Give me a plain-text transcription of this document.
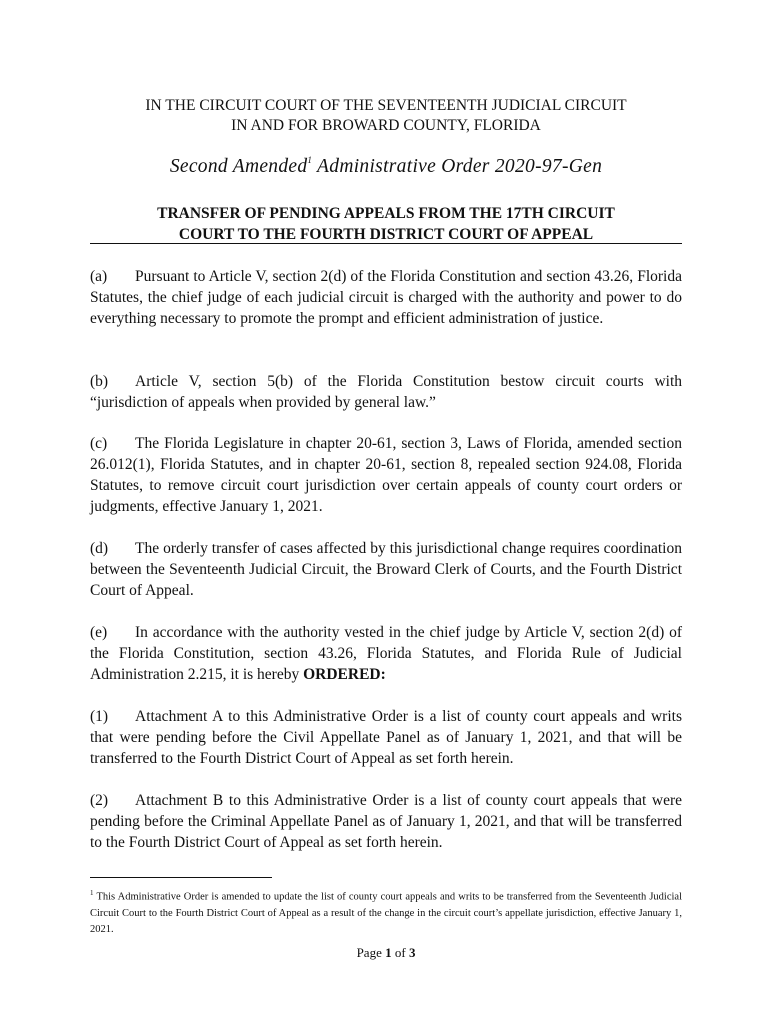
IN THE CIRCUIT COURT OF THE SEVENTEENTH JUDICIAL CIRCUIT
IN AND FOR BROWARD COUNTY, FLORIDA
Second Amended$^1$ Administrative Order 2020-97-Gen
TRANSFER OF PENDING APPEALS FROM THE 17TH CIRCUIT
COURT TO THE FOURTH DISTRICT COURT OF APPEAL
(a) Pursuant to Article V, section 2(d) of the Florida Constitution and section 43.26, Florida Statutes, the chief judge of each judicial circuit is charged with the authority and power to do everything necessary to promote the prompt and efficient administration of justice.
(b) Article V, section 5(b) of the Florida Constitution bestow circuit courts with “jurisdiction of appeals when provided by general law.”
(c) The Florida Legislature in chapter 20-61, section 3, Laws of Florida, amended section 26.012(1), Florida Statutes, and in chapter 20-61, section 8, repealed section 924.08, Florida Statutes, to remove circuit court jurisdiction over certain appeals of county court orders or judgments, effective January 1, 2021.
(d) The orderly transfer of cases affected by this jurisdictional change requires coordination between the Seventeenth Judicial Circuit, the Broward Clerk of Courts, and the Fourth District Court of Appeal.
(e) In accordance with the authority vested in the chief judge by Article V, section 2(d) of the Florida Constitution, section 43.26, Florida Statutes, and Florida Rule of Judicial Administration 2.215, it is hereby ORDERED:
(1) Attachment A to this Administrative Order is a list of county court appeals and writs that were pending before the Civil Appellate Panel as of January 1, 2021, and that will be transferred to the Fourth District Court of Appeal as set forth herein.
(2) Attachment B to this Administrative Order is a list of county court appeals that were pending before the Criminal Appellate Panel as of January 1, 2021, and that will be transferred to the Fourth District Court of Appeal as set forth herein.
$^1$ This Administrative Order is amended to update the list of county court appeals and writs to be transferred from the Seventeenth Judicial Circuit Court to the Fourth District Court of Appeal as a result of the change in the circuit court’s appellate jurisdiction, effective January 1, 2021.
Page 1 of 3
